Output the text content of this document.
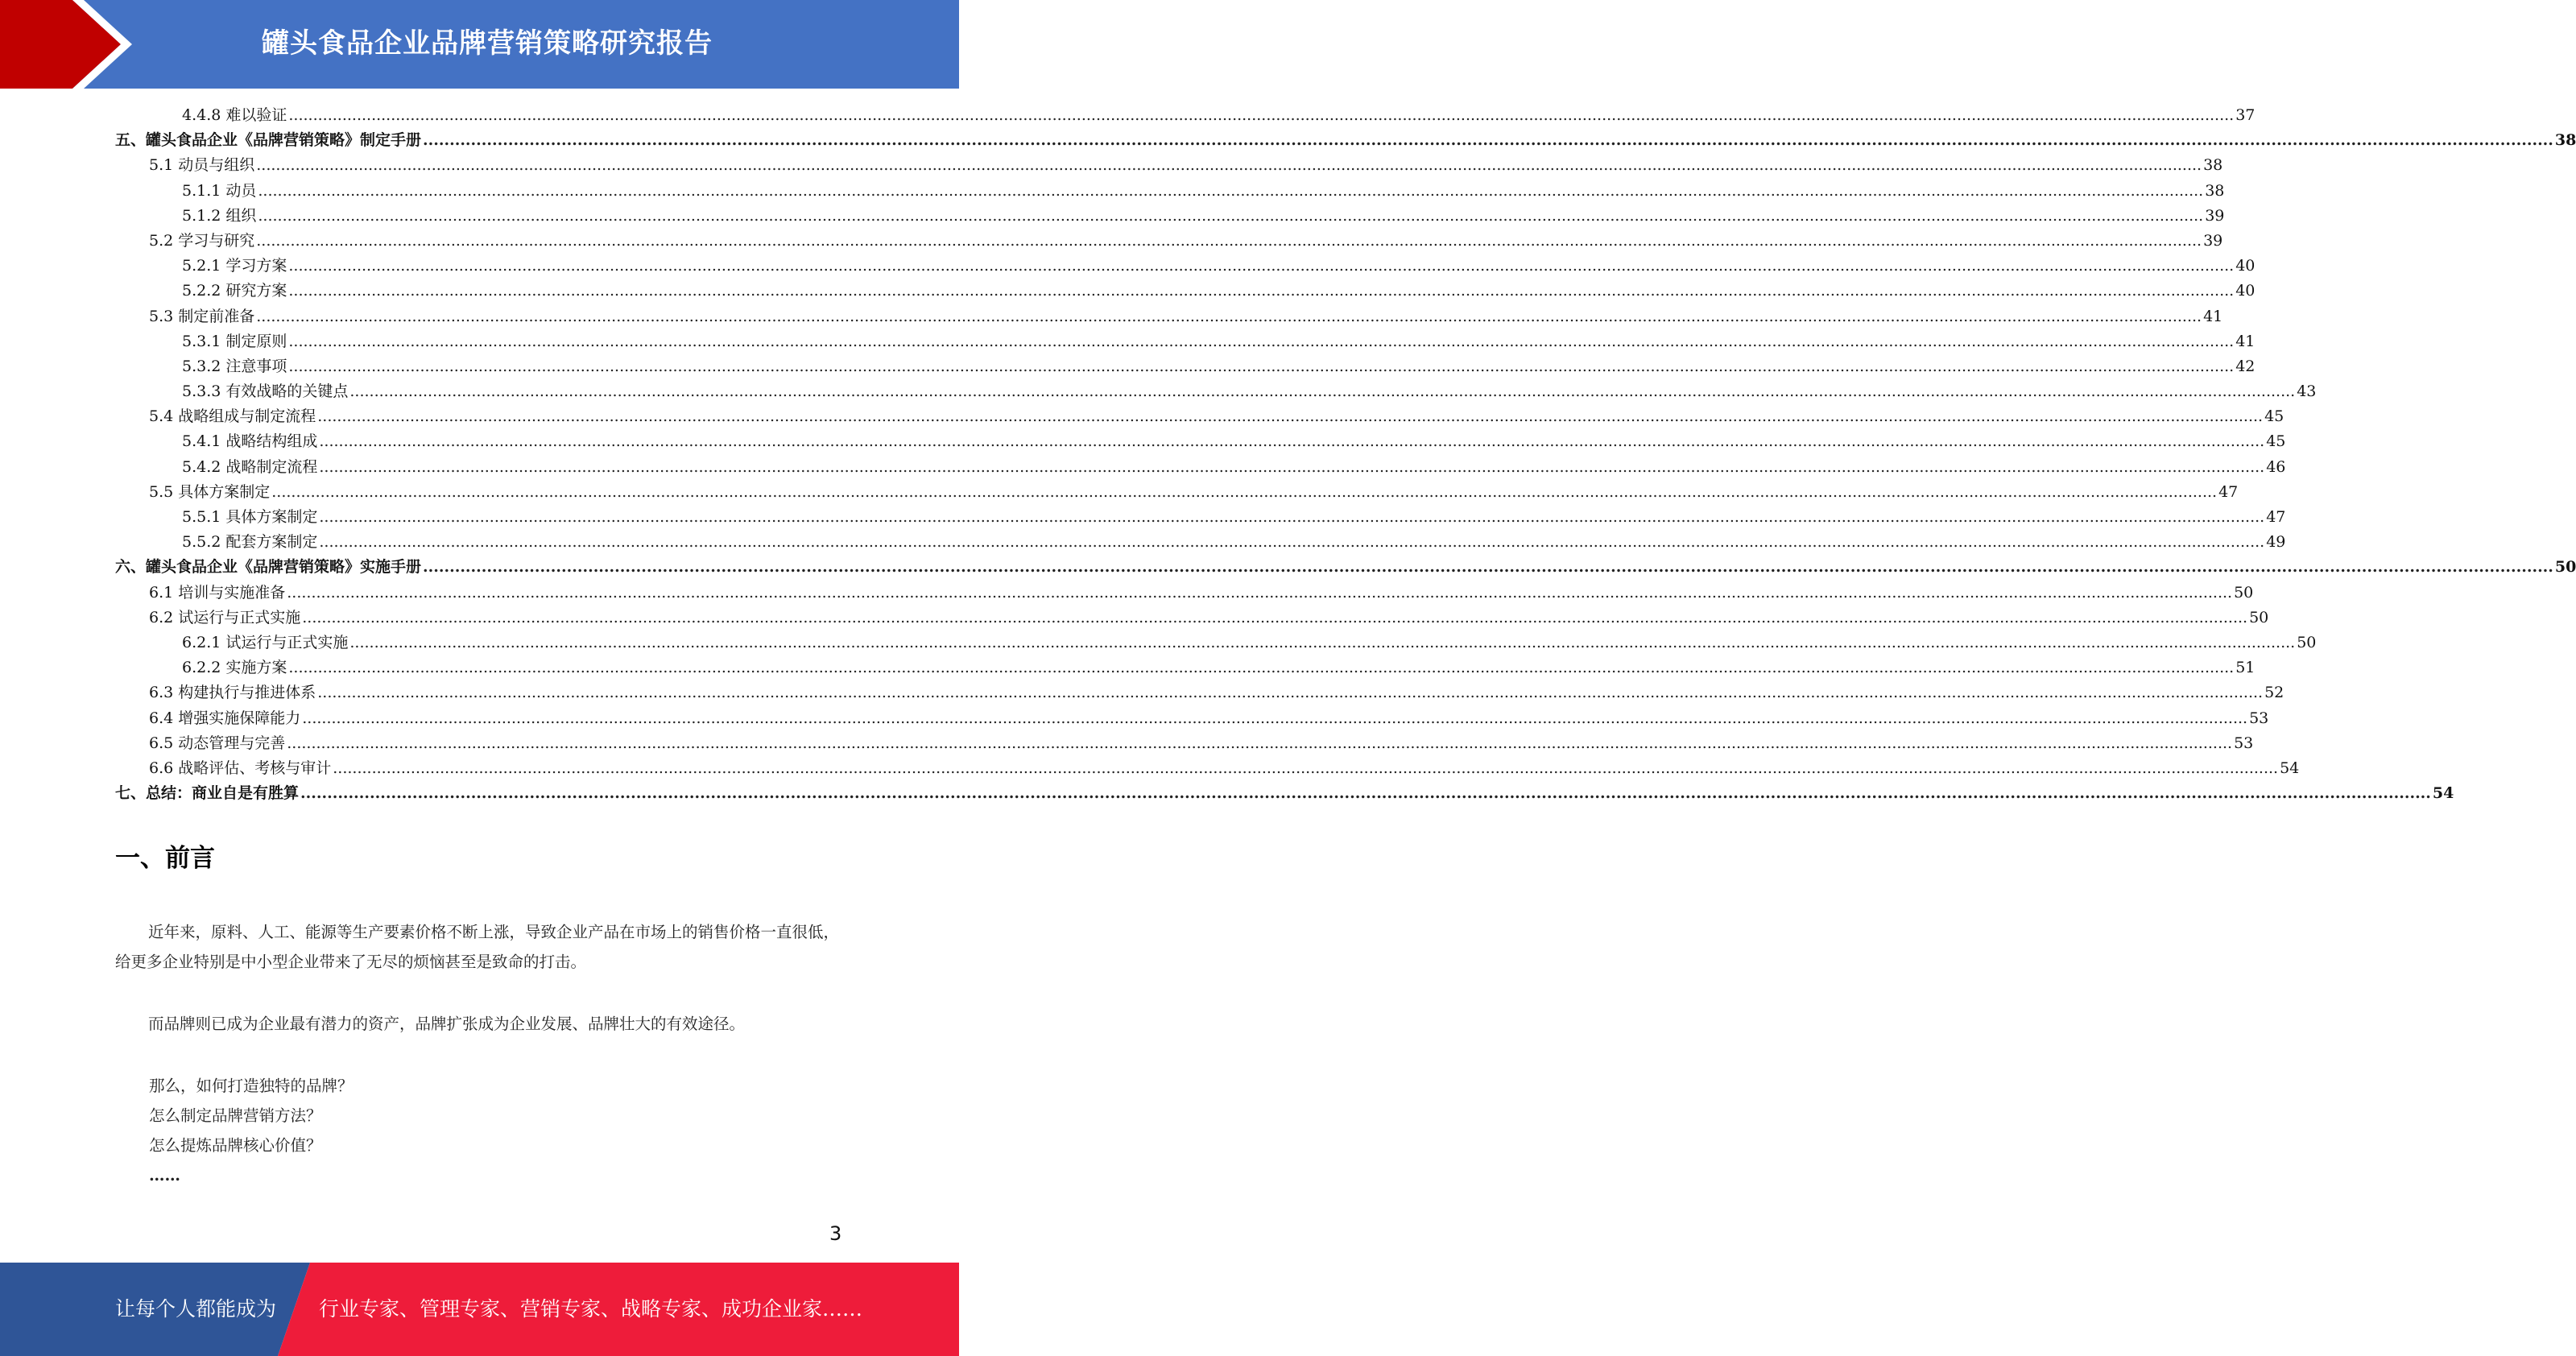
罐头食品企业品牌营销策略研究报告
4.4.8 难以验证 ................................................................................................................................................................................................................................................................................................................................................................................................................ 37
五、罐头食品企业《品牌营销策略》制定手册 ................................................................................................................................................................................................................................................................................................................................................................................................................ 38
5.1 动员与组织 ................................................................................................................................................................................................................................................................................................................................................................................................................ 38
5.1.1 动员 ................................................................................................................................................................................................................................................................................................................................................................................................................ 38
5.1.2 组织 ................................................................................................................................................................................................................................................................................................................................................................................................................ 39
5.2 学习与研究 ................................................................................................................................................................................................................................................................................................................................................................................................................ 39
5.2.1 学习方案 ................................................................................................................................................................................................................................................................................................................................................................................................................ 40
5.2.2 研究方案 ................................................................................................................................................................................................................................................................................................................................................................................................................ 40
5.3 制定前准备 ................................................................................................................................................................................................................................................................................................................................................................................................................ 41
5.3.1 制定原则 ................................................................................................................................................................................................................................................................................................................................................................................................................ 41
5.3.2 注意事项 ................................................................................................................................................................................................................................................................................................................................................................................................................ 42
5.3.3 有效战略的关键点 ................................................................................................................................................................................................................................................................................................................................................................................................................ 43
5.4 战略组成与制定流程 ................................................................................................................................................................................................................................................................................................................................................................................................................ 45
5.4.1 战略结构组成 ................................................................................................................................................................................................................................................................................................................................................................................................................ 45
5.4.2 战略制定流程 ................................................................................................................................................................................................................................................................................................................................................................................................................ 46
5.5 具体方案制定 ................................................................................................................................................................................................................................................................................................................................................................................................................ 47
5.5.1 具体方案制定 ................................................................................................................................................................................................................................................................................................................................................................................................................ 47
5.5.2 配套方案制定 ................................................................................................................................................................................................................................................................................................................................................................................................................ 49
六、罐头食品企业《品牌营销策略》实施手册 ................................................................................................................................................................................................................................................................................................................................................................................................................ 50
6.1 培训与实施准备 ................................................................................................................................................................................................................................................................................................................................................................................................................ 50
6.2 试运行与正式实施 ................................................................................................................................................................................................................................................................................................................................................................................................................ 50
6.2.1 试运行与正式实施 ................................................................................................................................................................................................................................................................................................................................................................................................................ 50
6.2.2 实施方案 ................................................................................................................................................................................................................................................................................................................................................................................................................ 51
6.3 构建执行与推进体系 ................................................................................................................................................................................................................................................................................................................................................................................................................ 52
6.4 增强实施保障能力 ................................................................................................................................................................................................................................................................................................................................................................................................................ 53
6.5 动态管理与完善 ................................................................................................................................................................................................................................................................................................................................................................................................................ 53
6.6 战略评估、考核与审计 ................................................................................................................................................................................................................................................................................................................................................................................................................ 54
七、总结：商业自是有胜算 ................................................................................................................................................................................................................................................................................................................................................................................................................ 54
一、前言
近年来，原料、人工、能源等生产要素价格不断上涨，导致企业产品在市场上的销售价格一直很低，给更多企业特别是中小型企业带来了无尽的烦恼甚至是致命的打击。
而品牌则已成为企业最有潜力的资产，品牌扩张成为企业发展、品牌壮大的有效途径。
那么，如何打造独特的品牌？
怎么制定品牌营销方法？
怎么提炼品牌核心价值？
……
3
让每个人都能成为 行业专家、管理专家、营销专家、战略专家、成功企业家……
